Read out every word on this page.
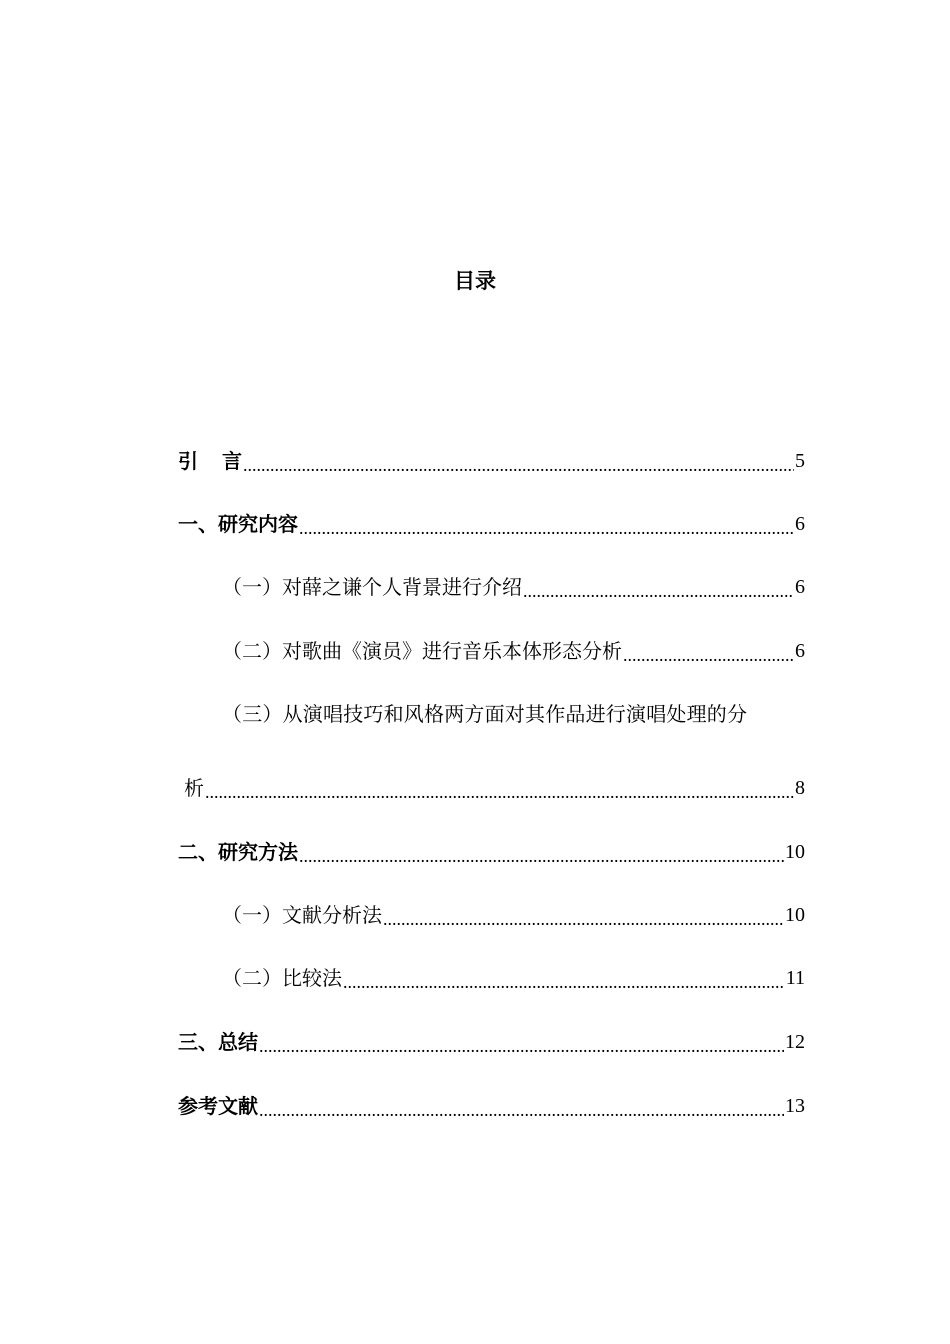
目录
引言 .....	5
一、研究内容 .....	6
（一）对薛之谦个人背景进行介绍 .....	6
（二）对歌曲《演员》进行音乐本体形态分析 .....	6
（三）从演唱技巧和风格两方面对其作品进行演唱处理的分
析 .....	8
二、研究方法 .....	10
（一）文献分析法 .....	10
（二）比较法 .....	11
三、总结 .....	12
参考文献 .....	13
